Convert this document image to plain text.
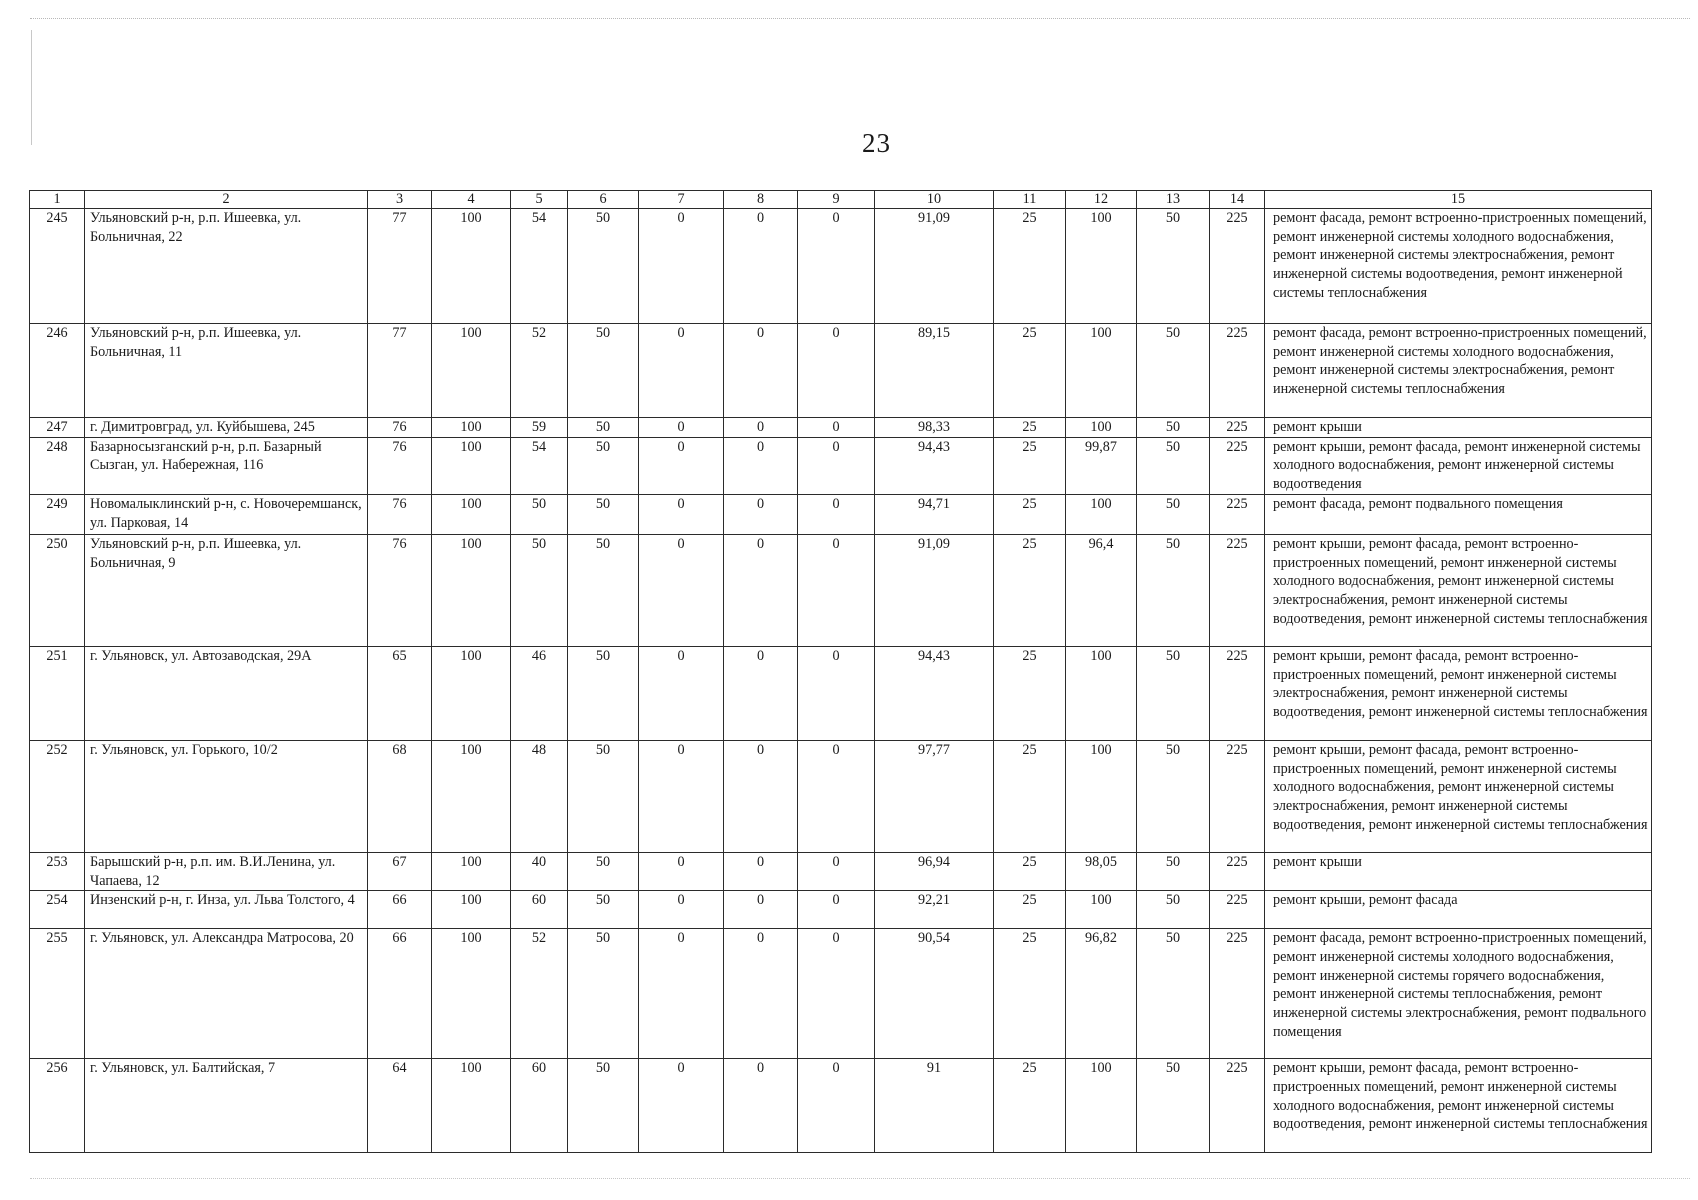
23
1	2	3	4	5	6	7	8	9	10	11	12	13	14	15
245	Ульяновский р-н, р.п. Ишеевка, ул. Больничная, 22	77	100	54	50	0	0	0	91,09	25	100	50	225	ремонт фасада, ремонт встроенно-пристроенных помещений, ремонт инженерной системы холодного водоснабжения, ремонт инженерной системы электроснабжения, ремонт инженерной системы водоотведения, ремонт инженерной системы теплоснабжения
246	Ульяновский р-н, р.п. Ишеевка, ул. Больничная, 11	77	100	52	50	0	0	0	89,15	25	100	50	225	ремонт фасада, ремонт встроенно-пристроенных помещений, ремонт инженерной системы холодного водоснабжения, ремонт инженерной системы электроснабжения, ремонт инженерной системы теплоснабжения
247	г. Димитровград, ул. Куйбышева, 245	76	100	59	50	0	0	0	98,33	25	100	50	225	ремонт крыши
248	Базарносызганский р-н, р.п. Базарный Сызган, ул. Набережная, 116	76	100	54	50	0	0	0	94,43	25	99,87	50	225	ремонт крыши, ремонт фасада, ремонт инженерной системы холодного водоснабжения, ремонт инженерной системы водоотведения
249	Новомалыклинский р-н, с. Новочеремшанск, ул. Парковая, 14	76	100	50	50	0	0	0	94,71	25	100	50	225	ремонт фасада, ремонт подвального помещения
250	Ульяновский р-н, р.п. Ишеевка, ул. Больничная, 9	76	100	50	50	0	0	0	91,09	25	96,4	50	225	ремонт крыши, ремонт фасада, ремонт встроенно-пристроенных помещений, ремонт инженерной системы холодного водоснабжения, ремонт инженерной системы электроснабжения, ремонт инженерной системы водоотведения, ремонт инженерной системы теплоснабжения
251	г. Ульяновск, ул. Автозаводская, 29А	65	100	46	50	0	0	0	94,43	25	100	50	225	ремонт крыши, ремонт фасада, ремонт встроенно-пристроенных помещений, ремонт инженерной системы электроснабжения, ремонт инженерной системы водоотведения, ремонт инженерной системы теплоснабжения
252	г. Ульяновск, ул. Горького, 10/2	68	100	48	50	0	0	0	97,77	25	100	50	225	ремонт крыши, ремонт фасада, ремонт встроенно-пристроенных помещений, ремонт инженерной системы холодного водоснабжения, ремонт инженерной системы электроснабжения, ремонт инженерной системы водоотведения, ремонт инженерной системы теплоснабжения
253	Барышский р-н, р.п. им. В.И.Ленина, ул. Чапаева, 12	67	100	40	50	0	0	0	96,94	25	98,05	50	225	ремонт крыши
254	Инзенский р-н, г. Инза, ул. Льва Толстого, 4	66	100	60	50	0	0	0	92,21	25	100	50	225	ремонт крыши, ремонт фасада
255	г. Ульяновск, ул. Александра Матросова, 20	66	100	52	50	0	0	0	90,54	25	96,82	50	225	ремонт фасада, ремонт встроенно-пристроенных помещений, ремонт инженерной системы холодного водоснабжения, ремонт инженерной системы горячего водоснабжения, ремонт инженерной системы теплоснабжения, ремонт инженерной системы электроснабжения, ремонт подвального помещения
256	г. Ульяновск, ул. Балтийская, 7	64	100	60	50	0	0	0	91	25	100	50	225	ремонт крыши, ремонт фасада, ремонт встроенно-пристроенных помещений, ремонт инженерной системы холодного водоснабжения, ремонт инженерной системы водоотведения, ремонт инженерной системы теплоснабжения
